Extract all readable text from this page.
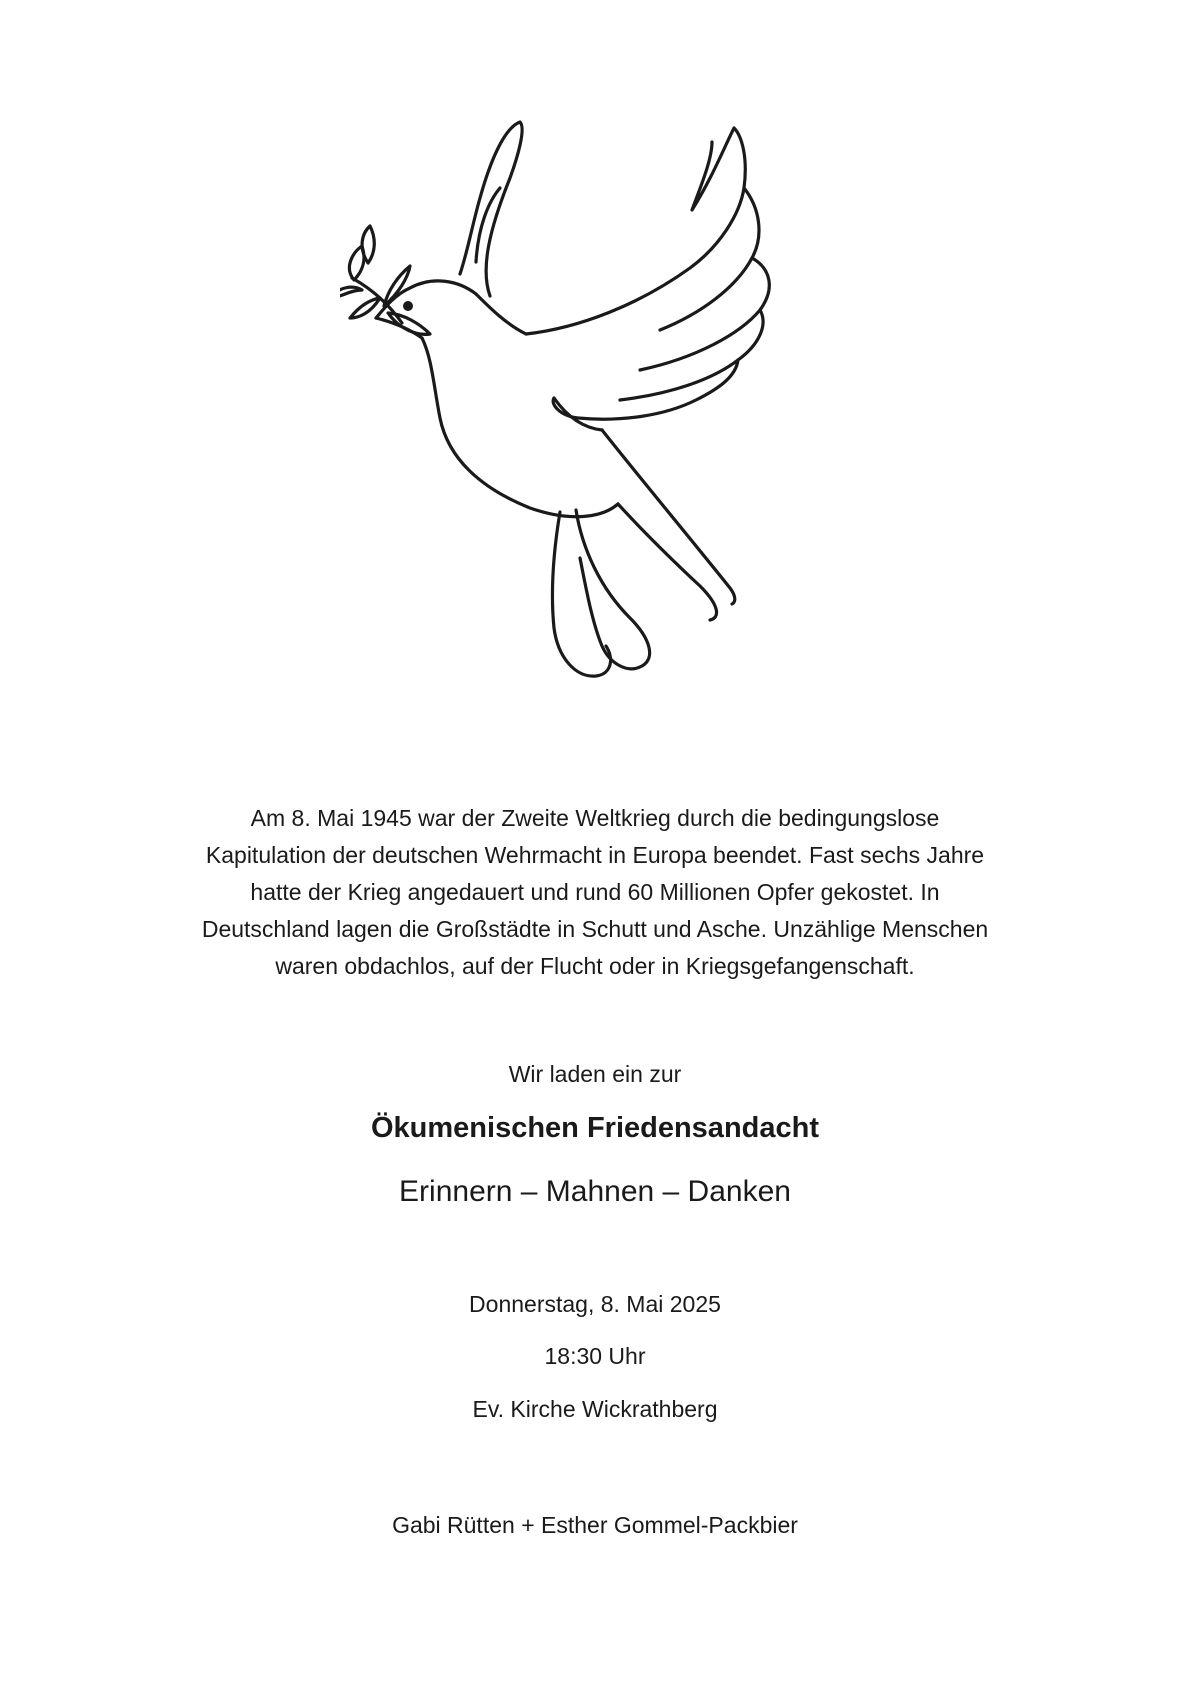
Am 8. Mai 1945 war der Zweite Weltkrieg durch die bedingungslose
Kapitulation der deutschen Wehrmacht in Europa beendet. Fast sechs Jahre
hatte der Krieg angedauert und rund 60 Millionen Opfer gekostet. In
Deutschland lagen die Großstädte in Schutt und Asche. Unzählige Menschen
waren obdachlos, auf der Flucht oder in Kriegsgefangenschaft.
Wir laden ein zur
Ökumenischen Friedensandacht
Erinnern – Mahnen – Danken
Donnerstag, 8. Mai 2025
18:30 Uhr
Ev. Kirche Wickrathberg
Gabi Rütten + Esther Gommel-Packbier
